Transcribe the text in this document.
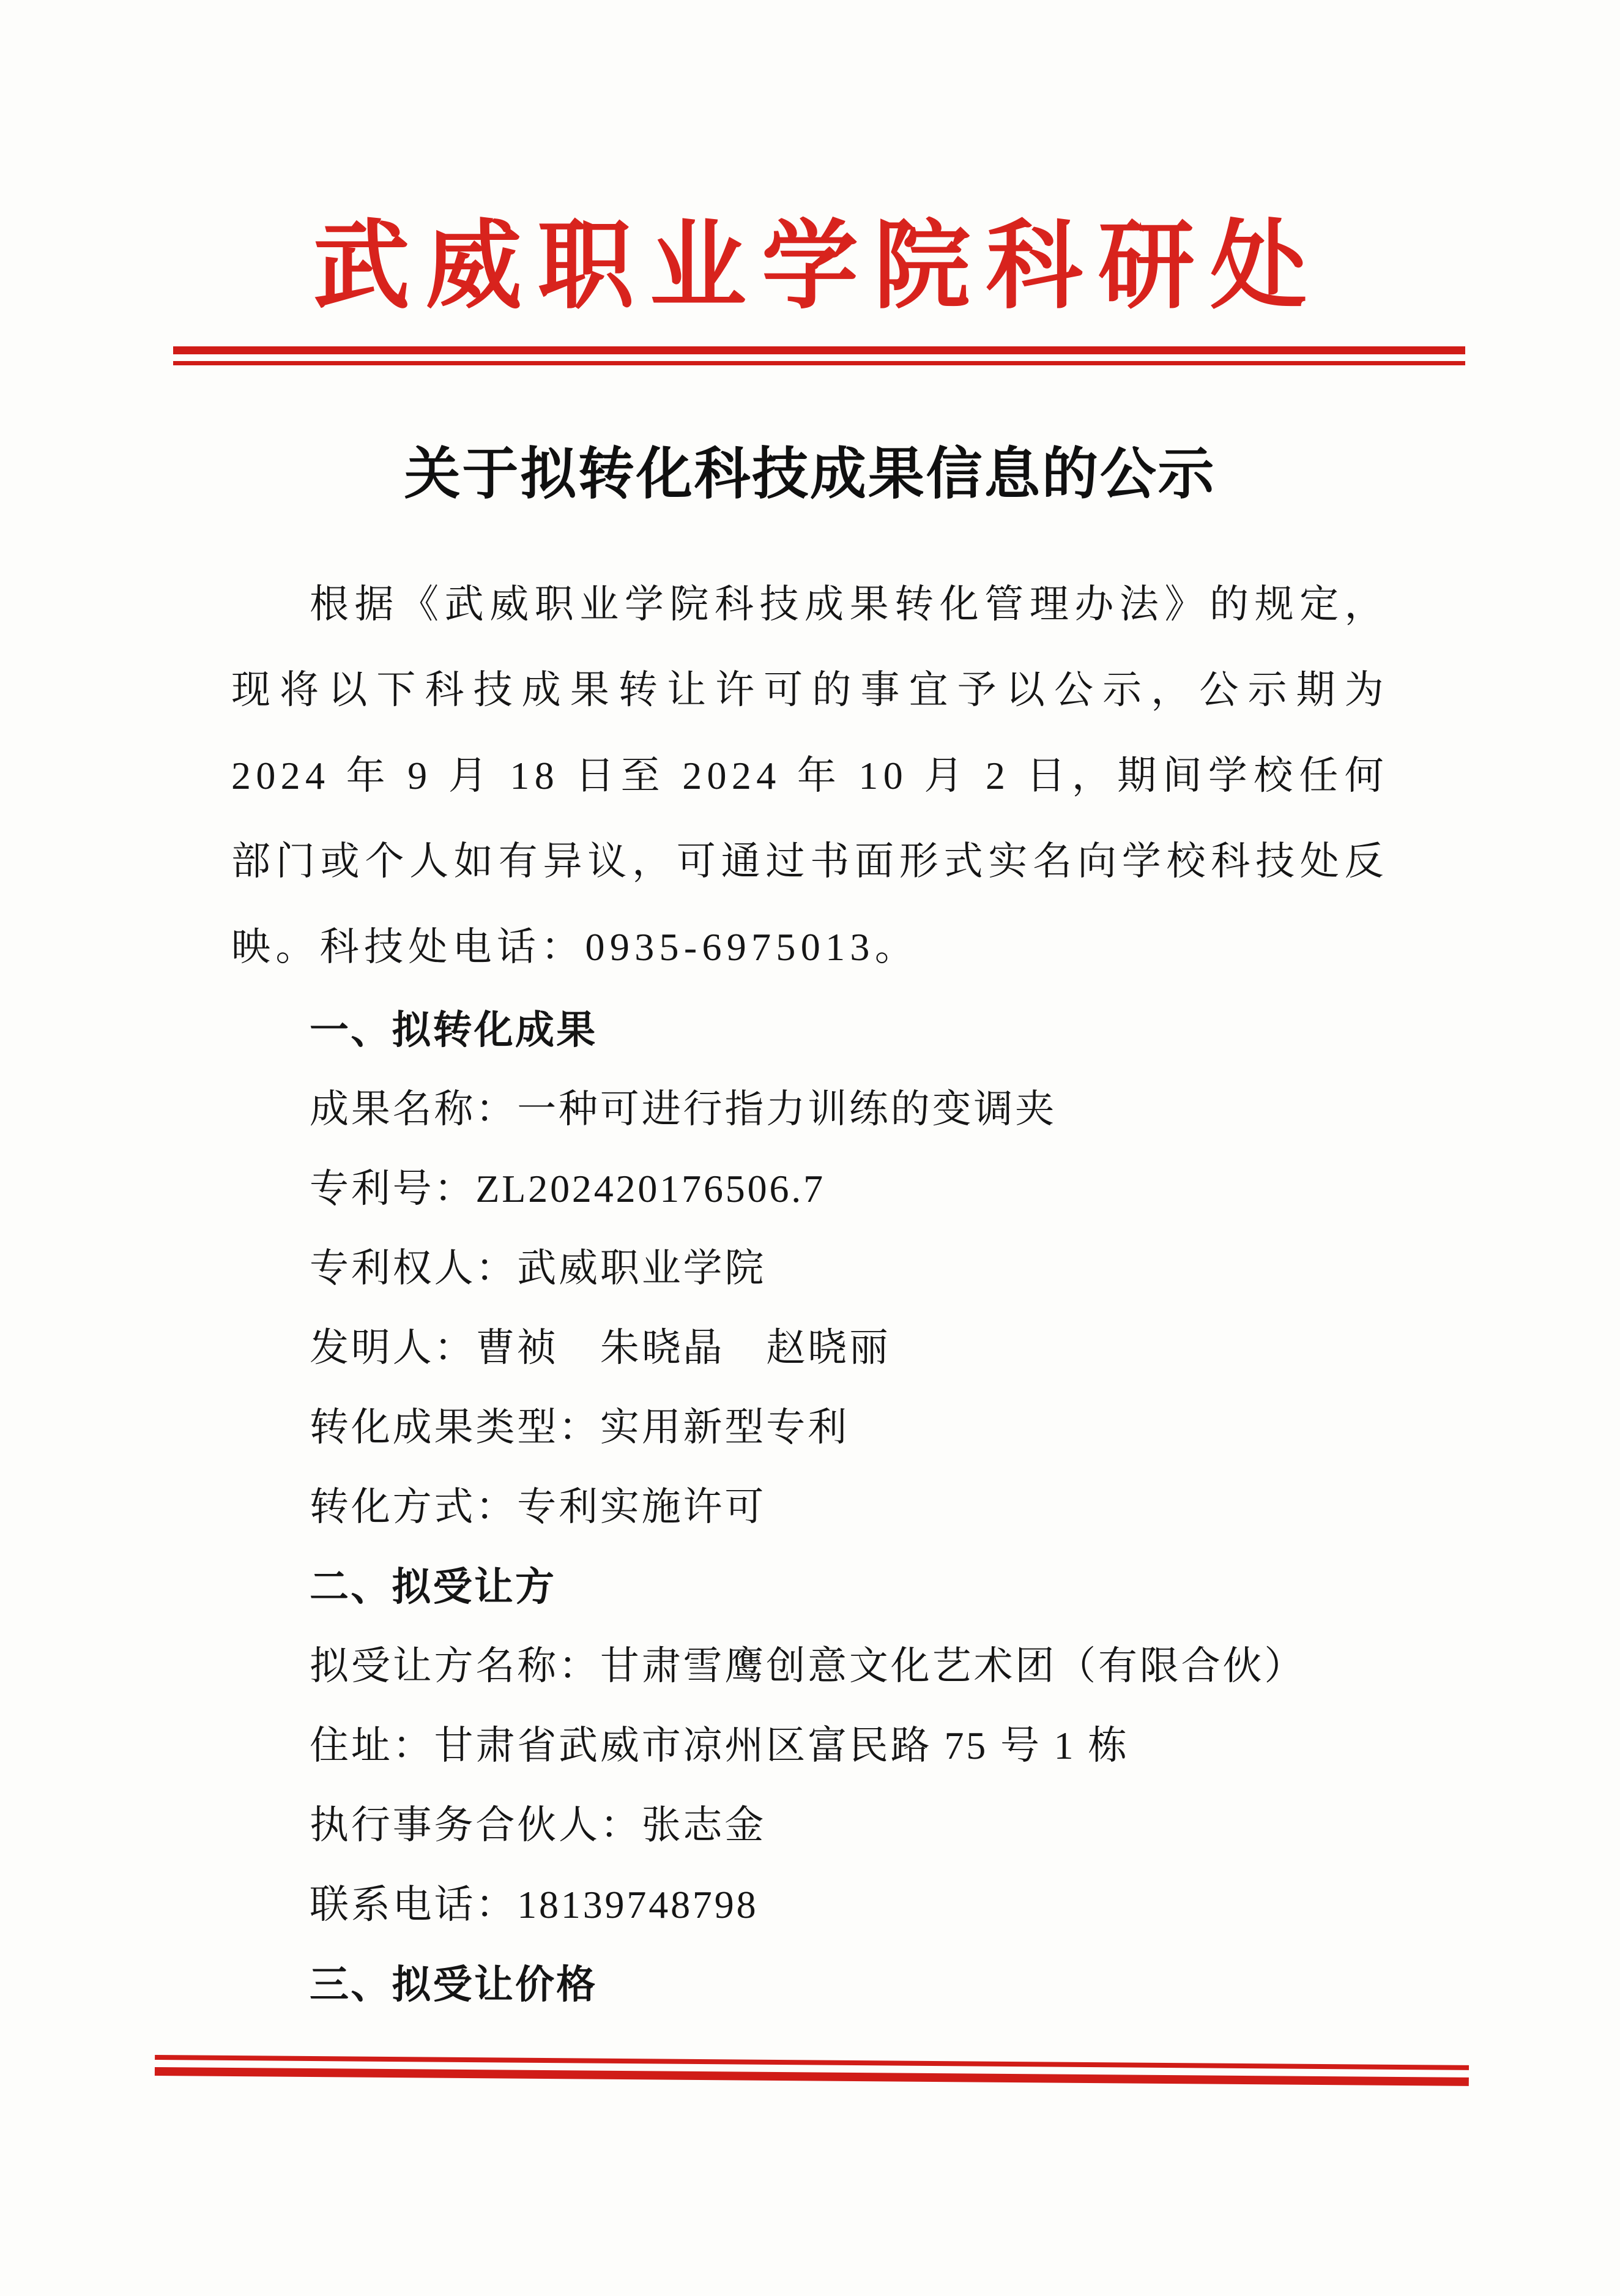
武威职业学院科研处
关于拟转化科技成果信息的公示

根据《武威职业学院科技成果转化管理办法》的规定，现将以下科技成果转让许可的事宜予以公示，公示期为 2024 年 9 月 18 日至 2024 年 10 月 2 日，期间学校任何部门或个人如有异议，可通过书面形式实名向学校科技处反映。科技处电话：0935-6975013。

一、拟转化成果
成果名称：一种可进行指力训练的变调夹
专利号：ZL202420176506.7
专利权人：武威职业学院
发明人：曹祯　朱晓晶　赵晓丽
转化成果类型：实用新型专利
转化方式：专利实施许可
二、拟受让方
拟受让方名称：甘肃雪鹰创意文化艺术团（有限合伙）
住址：甘肃省武威市凉州区富民路 75 号 1 栋
执行事务合伙人：张志金
联系电话：18139748798
三、拟受让价格
